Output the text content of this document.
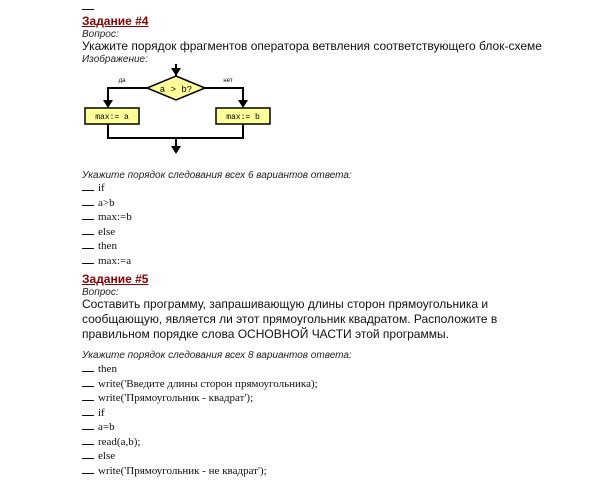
Задание #4
Вопрос:
Укажите порядок фрагментов оператора ветвления соответствующего блок-схеме
Изображение:
a > b?
да	нет
max:= a	max:= b
Укажите порядок следования всех 6 вариантов ответа:
if
a>b
max:=b
else
then
max:=a
Задание #5
Вопрос:
Составить программу, запрашивающую длины сторон прямоугольника и
сообщающую, является ли этот прямоугольник квадратом. Расположите в
правильном порядке слова ОСНОВНОЙ ЧАСТИ этой программы.
Укажите порядок следования всех 8 вариантов ответа:
then
write('Введите длины сторон прямоугольника);
write('Прямоугольник - квадрат');
if
a=b
read(a,b);
else
write('Прямоугольник - не квадрат');
